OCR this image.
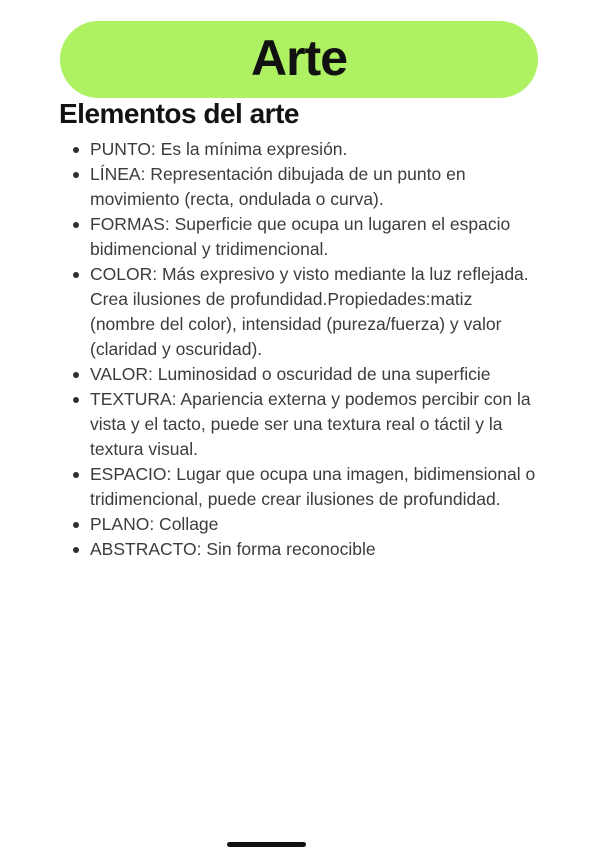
Arte
Elementos del arte
PUNTO: Es la mínima expresión.
LÍNEA: Representación dibujada de un punto en movimiento (recta, ondulada o curva).
FORMAS: Superficie que ocupa un lugaren el espacio bidimencional y tridimencional.
COLOR: Más expresivo y visto mediante la luz reflejada. Crea ilusiones de profundidad.Propiedades:matiz (nombre del color), intensidad (pureza/fuerza) y valor (claridad y oscuridad).
VALOR: Luminosidad o oscuridad de una superficie
TEXTURA: Apariencia externa y podemos percibir con la vista y el tacto, puede ser una textura real o táctil y la textura visual.
ESPACIO: Lugar que ocupa una imagen, bidimensional o tridimencional, puede crear ilusiones de profundidad.
PLANO: Collage
ABSTRACTO: Sin forma reconocible
